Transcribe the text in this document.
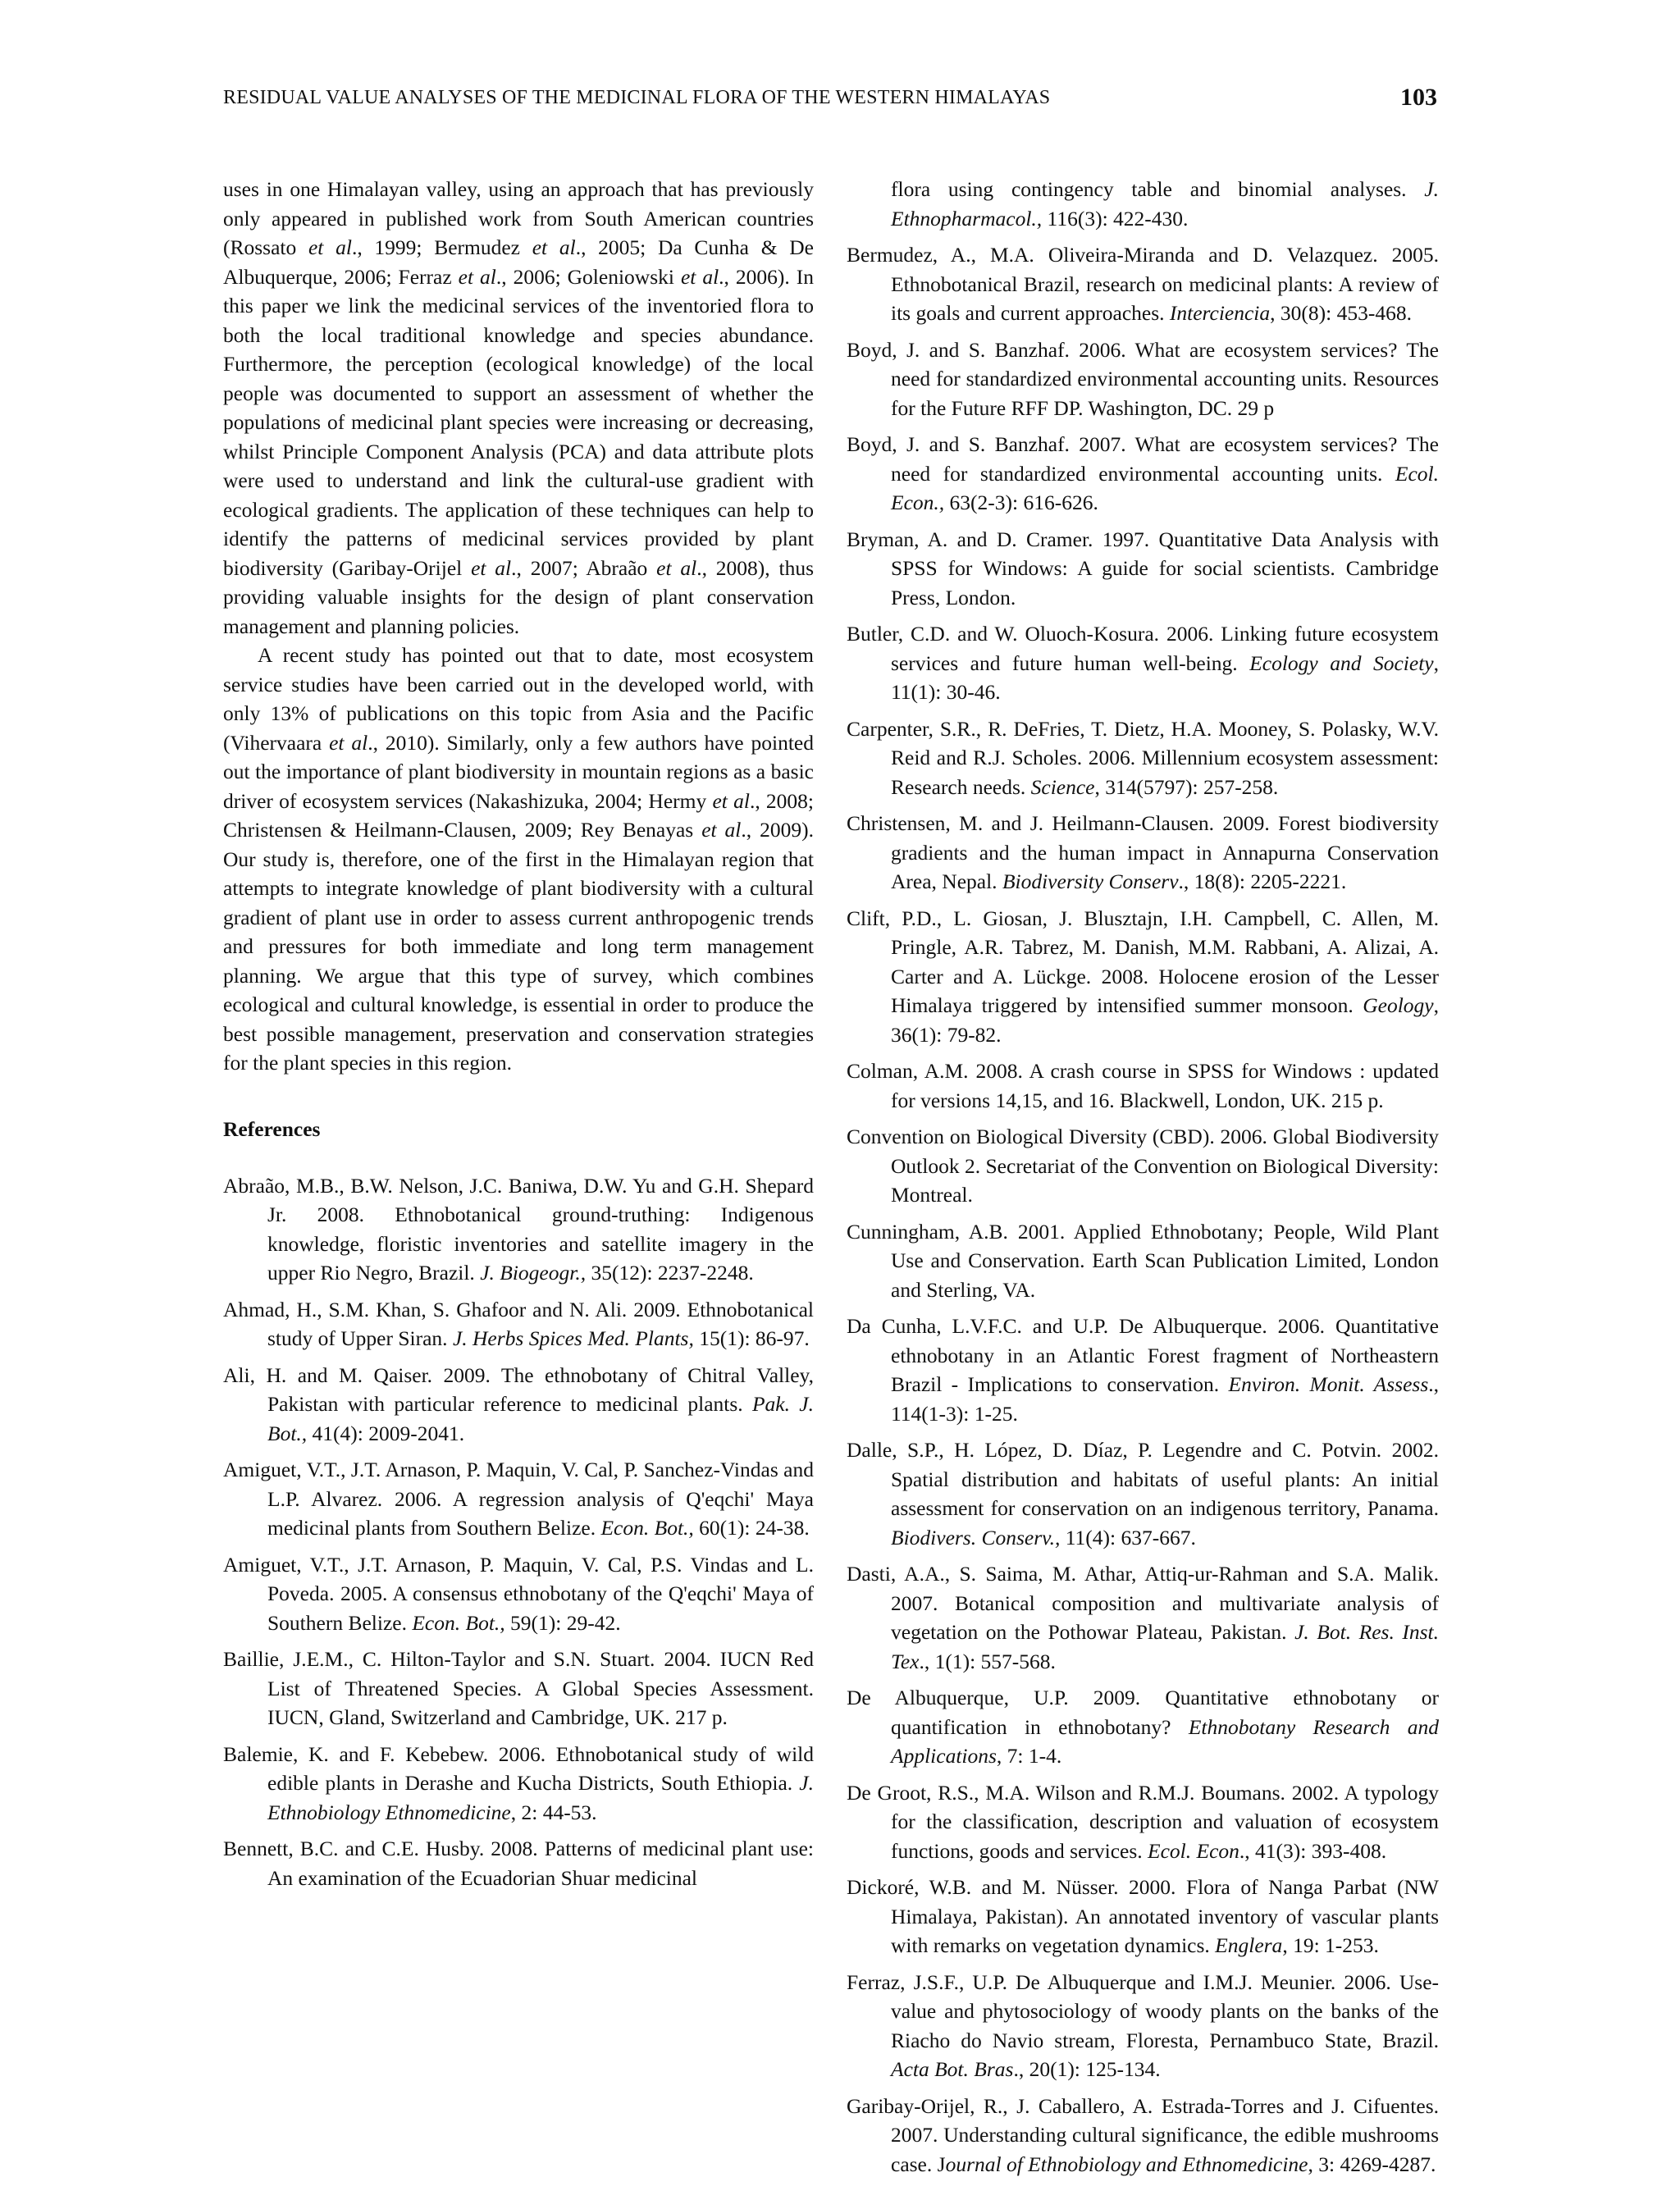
RESIDUAL VALUE ANALYSES OF THE MEDICINAL FLORA OF THE WESTERN HIMALAYAS	103

uses in one Himalayan valley, using an approach that has previously only appeared in published work from South American countries (Rossato et al., 1999; Bermudez et al., 2005; Da Cunha & De Albuquerque, 2006; Ferraz et al., 2006; Goleniowski et al., 2006). In this paper we link the medicinal services of the inventoried flora to both the local traditional knowledge and species abundance. Furthermore, the perception (ecological knowledge) of the local people was documented to support an assessment of whether the populations of medicinal plant species were increasing or decreasing, whilst Principle Component Analysis (PCA) and data attribute plots were used to understand and link the cultural-use gradient with ecological gradients. The application of these techniques can help to identify the patterns of medicinal services provided by plant biodiversity (Garibay-Orijel et al., 2007; Abraão et al., 2008), thus providing valuable insights for the design of plant conservation management and planning policies.

A recent study has pointed out that to date, most ecosystem service studies have been carried out in the developed world, with only 13% of publications on this topic from Asia and the Pacific (Vihervaara et al., 2010). Similarly, only a few authors have pointed out the importance of plant biodiversity in mountain regions as a basic driver of ecosystem services (Nakashizuka, 2004; Hermy et al., 2008; Christensen & Heilmann-Clausen, 2009; Rey Benayas et al., 2009). Our study is, therefore, one of the first in the Himalayan region that attempts to integrate knowledge of plant biodiversity with a cultural gradient of plant use in order to assess current anthropogenic trends and pressures for both immediate and long term management planning. We argue that this type of survey, which combines ecological and cultural knowledge, is essential in order to produce the best possible management, preservation and conservation strategies for the plant species in this region.

References
Abraão, M.B., B.W. Nelson, J.C. Baniwa, D.W. Yu and G.H. Shepard Jr. 2008. Ethnobotanical ground-truthing: Indigenous knowledge, floristic inventories and satellite imagery in the upper Rio Negro, Brazil. J. Biogeogr., 35(12): 2237-2248.
Ahmad, H., S.M. Khan, S. Ghafoor and N. Ali. 2009. Ethnobotanical study of Upper Siran. J. Herbs Spices Med. Plants, 15(1): 86-97.
Ali, H. and M. Qaiser. 2009. The ethnobotany of Chitral Valley, Pakistan with particular reference to medicinal plants. Pak. J. Bot., 41(4): 2009-2041.
Amiguet, V.T., J.T. Arnason, P. Maquin, V. Cal, P. Sanchez-Vindas and L.P. Alvarez. 2006. A regression analysis of Q'eqchi' Maya medicinal plants from Southern Belize. Econ. Bot., 60(1): 24-38.
Amiguet, V.T., J.T. Arnason, P. Maquin, V. Cal, P.S. Vindas and L. Poveda. 2005. A consensus ethnobotany of the Q'eqchi' Maya of Southern Belize. Econ. Bot., 59(1): 29-42.
Baillie, J.E.M., C. Hilton-Taylor and S.N. Stuart. 2004. IUCN Red List of Threatened Species. A Global Species Assessment. IUCN, Gland, Switzerland and Cambridge, UK. 217 p.
Balemie, K. and F. Kebebew. 2006. Ethnobotanical study of wild edible plants in Derashe and Kucha Districts, South Ethiopia. J. Ethnobiology Ethnomedicine, 2: 44-53.
Bennett, B.C. and C.E. Husby. 2008. Patterns of medicinal plant use: An examination of the Ecuadorian Shuar medicinal
flora using contingency table and binomial analyses. J. Ethnopharmacol., 116(3): 422-430.
Bermudez, A., M.A. Oliveira-Miranda and D. Velazquez. 2005. Ethnobotanical Brazil, research on medicinal plants: A review of its goals and current approaches. Interciencia, 30(8): 453-468.
Boyd, J. and S. Banzhaf. 2006. What are ecosystem services? The need for standardized environmental accounting units. Resources for the Future RFF DP. Washington, DC. 29 p
Boyd, J. and S. Banzhaf. 2007. What are ecosystem services? The need for standardized environmental accounting units. Ecol. Econ., 63(2-3): 616-626.
Bryman, A. and D. Cramer. 1997. Quantitative Data Analysis with SPSS for Windows: A guide for social scientists. Cambridge Press, London.
Butler, C.D. and W. Oluoch-Kosura. 2006. Linking future ecosystem services and future human well-being. Ecology and Society, 11(1): 30-46.
Carpenter, S.R., R. DeFries, T. Dietz, H.A. Mooney, S. Polasky, W.V. Reid and R.J. Scholes. 2006. Millennium ecosystem assessment: Research needs. Science, 314(5797): 257-258.
Christensen, M. and J. Heilmann-Clausen. 2009. Forest biodiversity gradients and the human impact in Annapurna Conservation Area, Nepal. Biodiversity Conserv., 18(8): 2205-2221.
Clift, P.D., L. Giosan, J. Blusztajn, I.H. Campbell, C. Allen, M. Pringle, A.R. Tabrez, M. Danish, M.M. Rabbani, A. Alizai, A. Carter and A. Lückge. 2008. Holocene erosion of the Lesser Himalaya triggered by intensified summer monsoon. Geology, 36(1): 79-82.
Colman, A.M. 2008. A crash course in SPSS for Windows : updated for versions 14,15, and 16. Blackwell, London, UK. 215 p.
Convention on Biological Diversity (CBD). 2006. Global Biodiversity Outlook 2. Secretariat of the Convention on Biological Diversity: Montreal.
Cunningham, A.B. 2001. Applied Ethnobotany; People, Wild Plant Use and Conservation. Earth Scan Publication Limited, London and Sterling, VA.
Da Cunha, L.V.F.C. and U.P. De Albuquerque. 2006. Quantitative ethnobotany in an Atlantic Forest fragment of Northeastern Brazil - Implications to conservation. Environ. Monit. Assess., 114(1-3): 1-25.
Dalle, S.P., H. López, D. Díaz, P. Legendre and C. Potvin. 2002. Spatial distribution and habitats of useful plants: An initial assessment for conservation on an indigenous territory, Panama. Biodivers. Conserv., 11(4): 637-667.
Dasti, A.A., S. Saima, M. Athar, Attiq-ur-Rahman and S.A. Malik. 2007. Botanical composition and multivariate analysis of vegetation on the Pothowar Plateau, Pakistan. J. Bot. Res. Inst. Tex., 1(1): 557-568.
De Albuquerque, U.P. 2009. Quantitative ethnobotany or quantification in ethnobotany? Ethnobotany Research and Applications, 7: 1-4.
De Groot, R.S., M.A. Wilson and R.M.J. Boumans. 2002. A typology for the classification, description and valuation of ecosystem functions, goods and services. Ecol. Econ., 41(3): 393-408.
Dickoré, W.B. and M. Nüsser. 2000. Flora of Nanga Parbat (NW Himalaya, Pakistan). An annotated inventory of vascular plants with remarks on vegetation dynamics. Englera, 19: 1-253.
Ferraz, J.S.F., U.P. De Albuquerque and I.M.J. Meunier. 2006. Use-value and phytosociology of woody plants on the banks of the Riacho do Navio stream, Floresta, Pernambuco State, Brazil. Acta Bot. Bras., 20(1): 125-134.
Garibay-Orijel, R., J. Caballero, A. Estrada-Torres and J. Cifuentes. 2007. Understanding cultural significance, the edible mushrooms case. Journal of Ethnobiology and Ethnomedicine, 3: 4269-4287.
